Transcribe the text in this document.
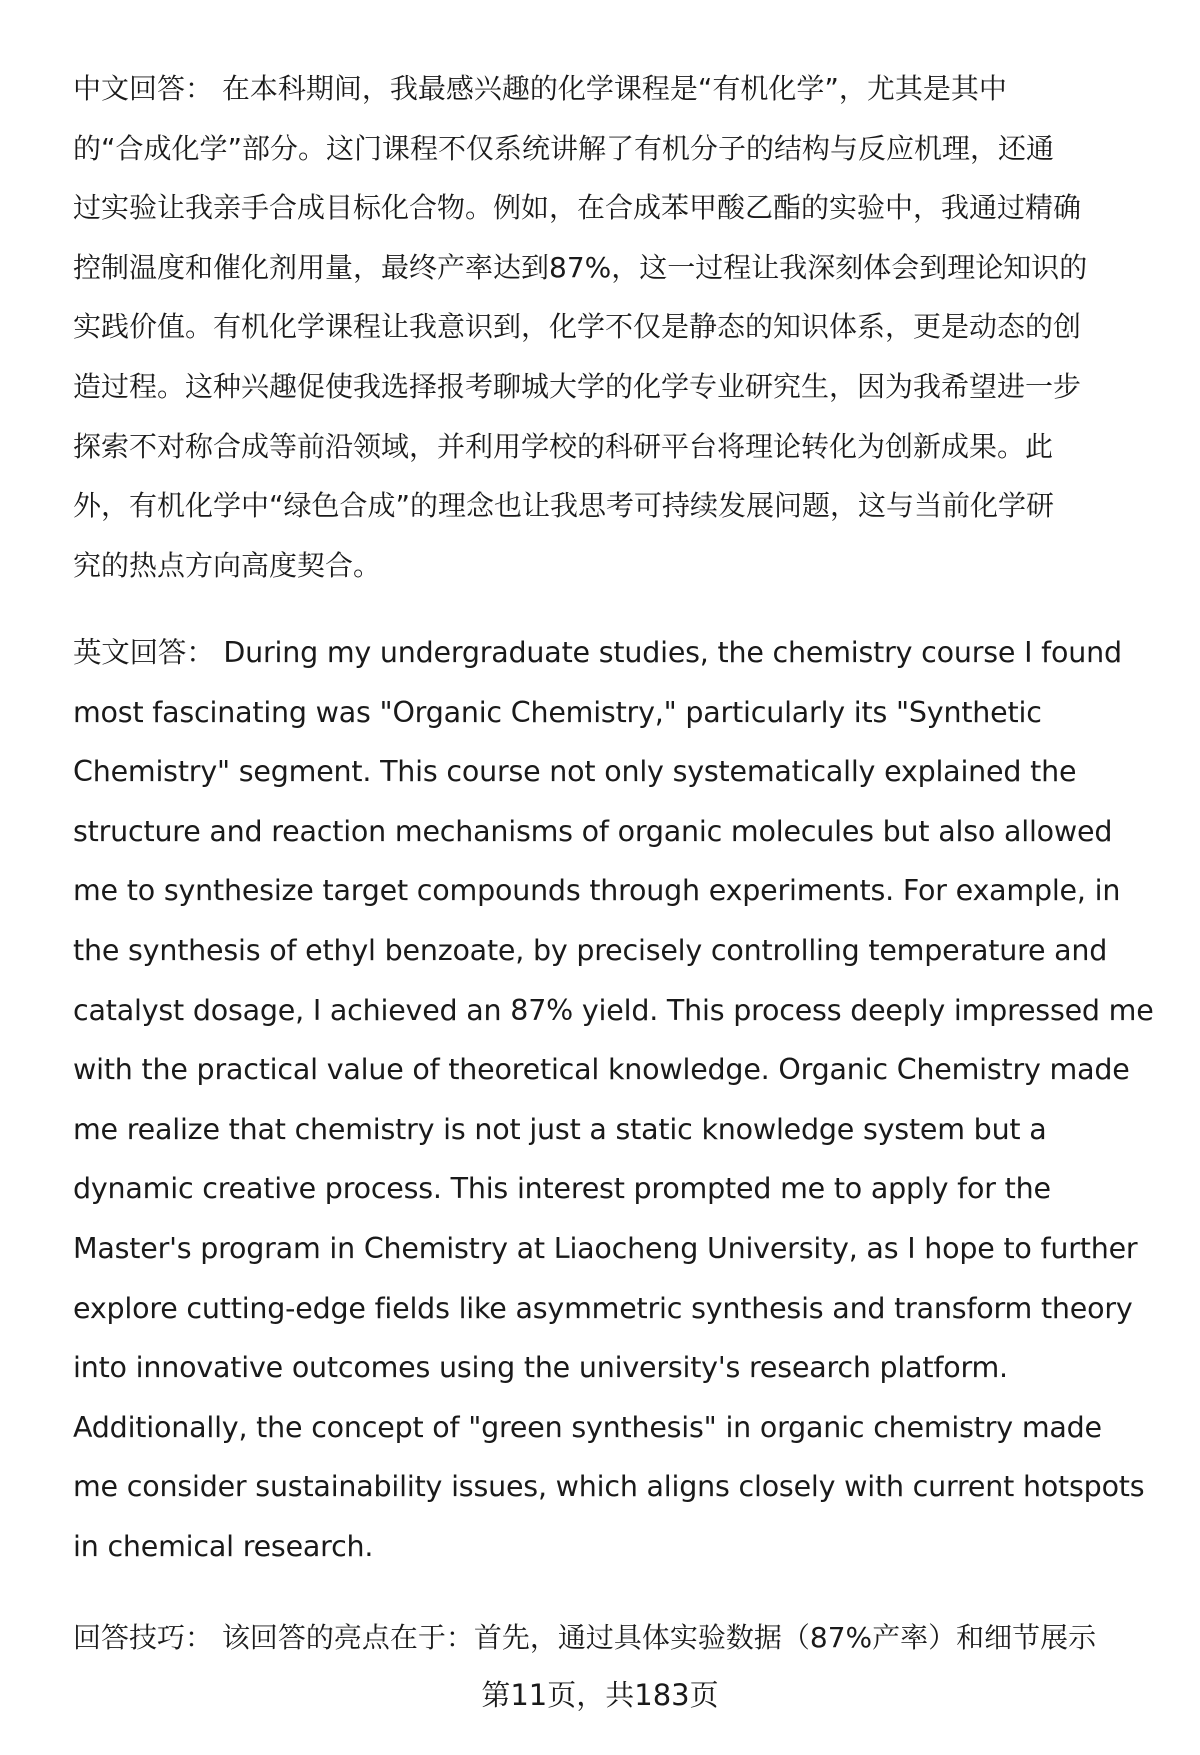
中文回答： 在本科期间，我最感兴趣的化学课程是“有机化学”，尤其是其中
的“合成化学”部分。这门课程不仅系统讲解了有机分子的结构与反应机理，还通
过实验让我亲手合成目标化合物。例如，在合成苯甲酸乙酯的实验中，我通过精确
控制温度和催化剂用量，最终产率达到87%，这一过程让我深刻体会到理论知识的
实践价值。有机化学课程让我意识到，化学不仅是静态的知识体系，更是动态的创
造过程。这种兴趣促使我选择报考聊城大学的化学专业研究生，因为我希望进一步
探索不对称合成等前沿领域，并利用学校的科研平台将理论转化为创新成果。此
外，有机化学中“绿色合成”的理念也让我思考可持续发展问题，这与当前化学研
究的热点方向高度契合。
英文回答： During my undergraduate studies, the chemistry course I found
most fascinating was "Organic Chemistry," particularly its "Synthetic
Chemistry" segment. This course not only systematically explained the
structure and reaction mechanisms of organic molecules but also allowed
me to synthesize target compounds through experiments. For example, in
the synthesis of ethyl benzoate, by precisely controlling temperature and
catalyst dosage, I achieved an 87% yield. This process deeply impressed me
with the practical value of theoretical knowledge. Organic Chemistry made
me realize that chemistry is not just a static knowledge system but a
dynamic creative process. This interest prompted me to apply for the
Master's program in Chemistry at Liaocheng University, as I hope to further
explore cutting-edge fields like asymmetric synthesis and transform theory
into innovative outcomes using the university's research platform.
Additionally, the concept of "green synthesis" in organic chemistry made
me consider sustainability issues, which aligns closely with current hotspots
in chemical research.
回答技巧： 该回答的亮点在于：首先，通过具体实验数据（87%产率）和细节展示
第11页，共183页
